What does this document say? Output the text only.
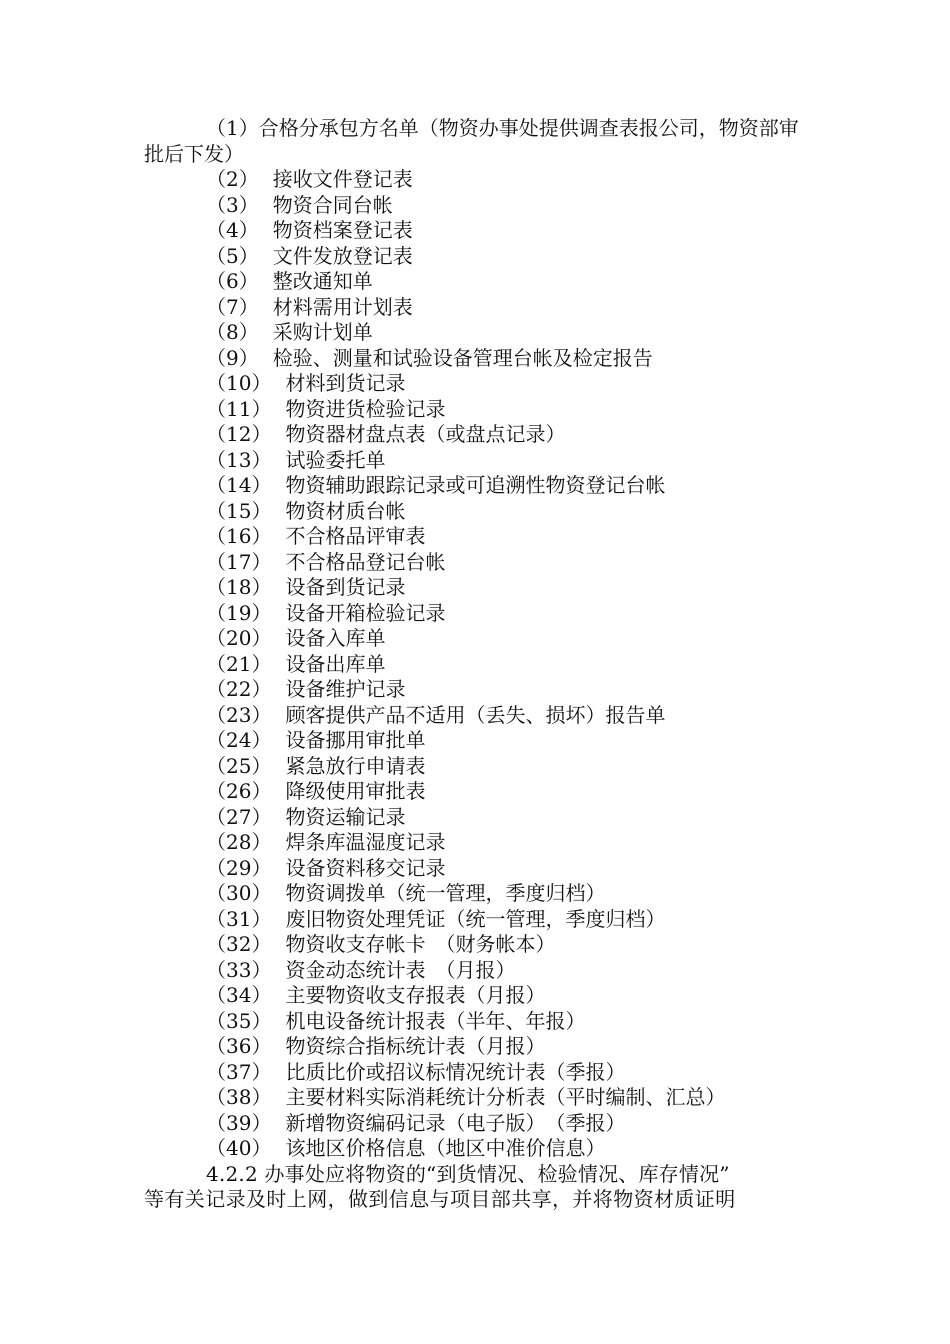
（1）合格分承包方名单（物资办事处提供调查表报公司，物资部审批后下发）
（2） 接收文件登记表
（3） 物资合同台帐
（4） 物资档案登记表
（5） 文件发放登记表
（6） 整改通知单
（7） 材料需用计划表
（8） 采购计划单
（9） 检验、测量和试验设备管理台帐及检定报告
（10） 材料到货记录
（11） 物资进货检验记录
（12） 物资器材盘点表（或盘点记录）
（13） 试验委托单
（14） 物资辅助跟踪记录或可追溯性物资登记台帐
（15） 物资材质台帐
（16） 不合格品评审表
（17） 不合格品登记台帐
（18） 设备到货记录
（19） 设备开箱检验记录
（20） 设备入库单
（21） 设备出库单
（22） 设备维护记录
（23） 顾客提供产品不适用（丢失、损坏）报告单
（24） 设备挪用审批单
（25） 紧急放行申请表
（26） 降级使用审批表
（27） 物资运输记录
（28） 焊条库温湿度记录
（29） 设备资料移交记录
（30） 物资调拨单（统一管理，季度归档）
（31） 废旧物资处理凭证（统一管理，季度归档）
（32） 物资收支存帐卡　（财务帐本）
（33） 资金动态统计表　（月报）
（34） 主要物资收支存报表（月报）
（35） 机电设备统计报表（半年、年报）
（36） 物资综合指标统计表（月报）
（37） 比质比价或招议标情况统计表（季报）
（38） 主要材料实际消耗统计分析表（平时编制、汇总）
（39） 新增物资编码记录（电子版）　（季报）
（40） 该地区价格信息（地区中准价信息）
4.2.2 办事处应将物资的“到货情况、检验情况、库存情况”
等有关记录及时上网，做到信息与项目部共享，并将物资材质证明
